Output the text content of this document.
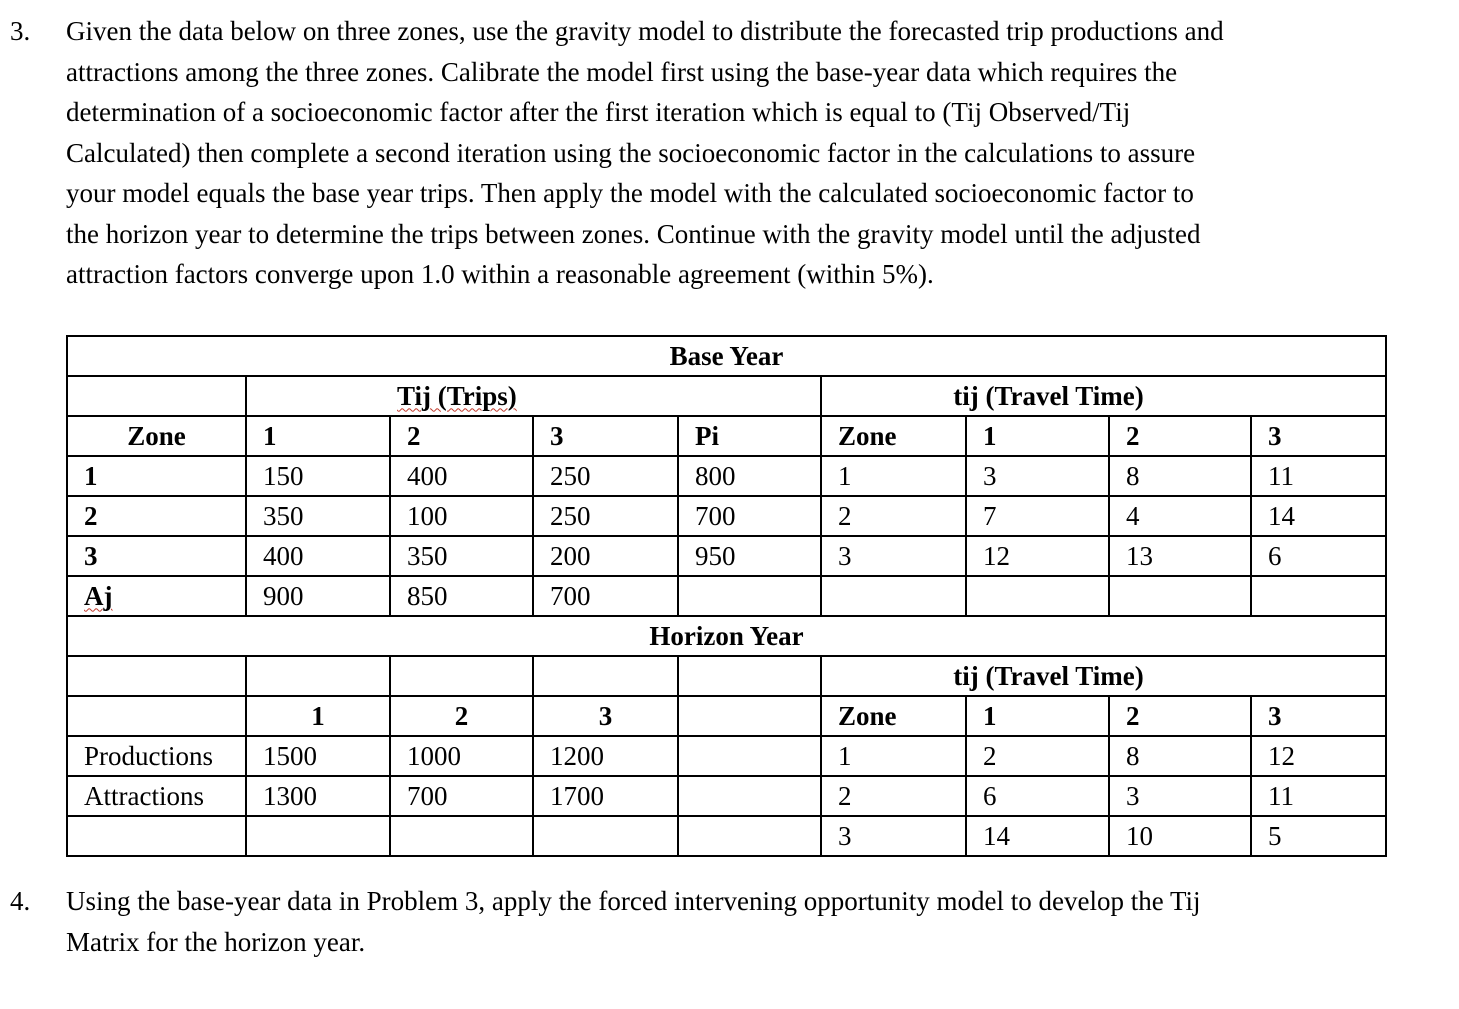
3. Given the data below on three zones, use the gravity model to distribute the forecasted trip productions and
attractions among the three zones. Calibrate the model first using the base-year data which requires the
determination of a socioeconomic factor after the first iteration which is equal to (Tij Observed/Tij
Calculated) then complete a second iteration using the socioeconomic factor in the calculations to assure
your model equals the base year trips. Then apply the model with the calculated socioeconomic factor to
the horizon year to determine the trips between zones. Continue with the gravity model until the adjusted
attraction factors converge upon 1.0 within a reasonable agreement (within 5%).
Base Year								
	Tij (Trips)				tij (Travel Time)			
Zone	1	2	3	Pi	Zone	1	2	3
1	150	400	250	800	1	3	8	11
2	350	100	250	700	2	7	4	14
3	400	350	200	950	3	12	13	6
Aj	900	850	700					
Horizon Year								
					tij (Travel Time)			
	1	2	3		Zone	1	2	3
Productions	1500	1000	1200		1	2	8	12
Attractions	1300	700	1700		2	6	3	11
					3	14	10	5
4. Using the base-year data in Problem 3, apply the forced intervening opportunity model to develop the Tij
Matrix for the horizon year.
